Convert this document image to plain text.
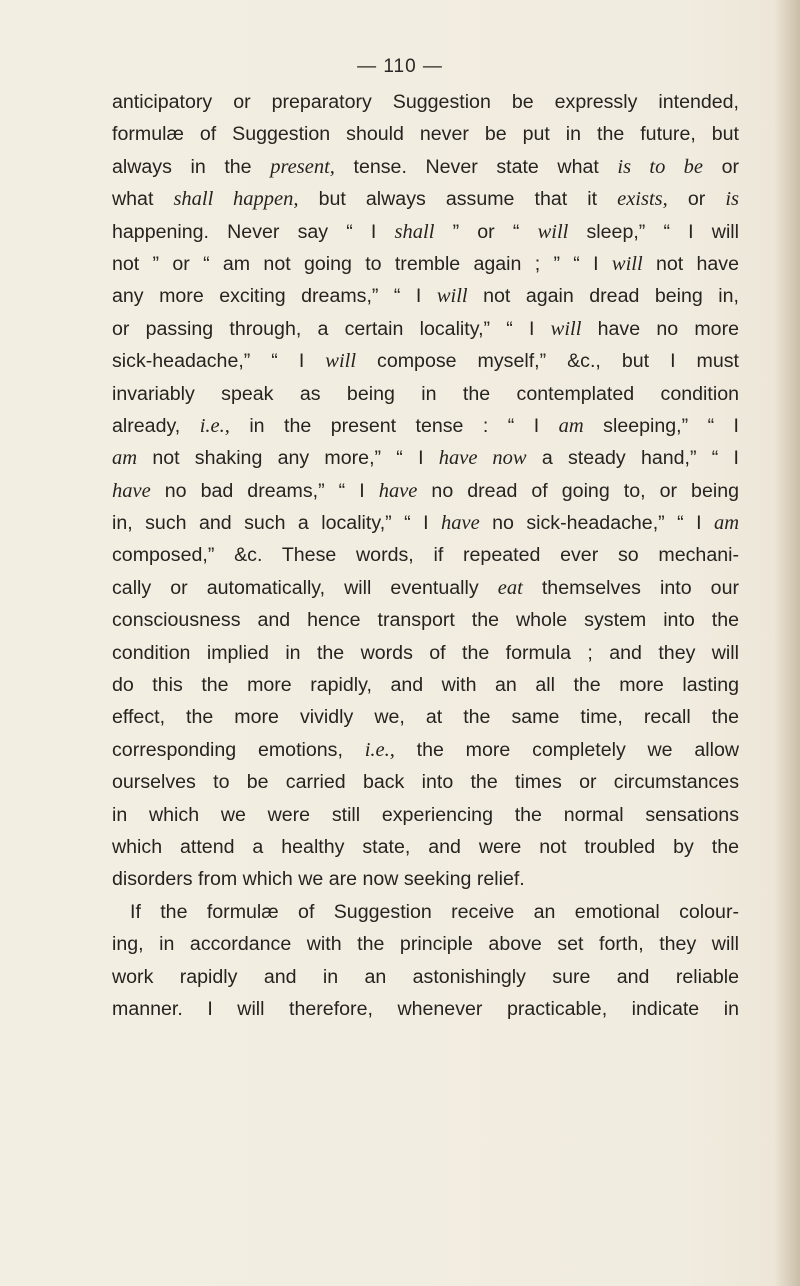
— 110 —
anticipatory or preparatory Suggestion be expressly intended,
formulæ of Suggestion should never be put in the future, but
always in the present, tense. Never state what is to be or
what shall happen, but always assume that it exists, or is
happening. Never say “ I shall ” or “ will sleep,” “ I will
not ” or “ am not going to tremble again ; ” “ I will not have
any more exciting dreams,” “ I will not again dread being in,
or passing through, a certain locality,” “ I will have no more
sick-headache,” “ I will compose myself,” &c., but I must
invariably speak as being in the contemplated condition
already, i.e., in the present tense : “ I am sleeping,” “ I
am not shaking any more,” “ I have now a steady hand,” “ I
have no bad dreams,” “ I have no dread of going to, or being
in, such and such a locality,” “ I have no sick-headache,” “ I am
composed,” &c. These words, if repeated ever so mechani-
cally or automatically, will eventually eat themselves into our
consciousness and hence transport the whole system into the
condition implied in the words of the formula ; and they will
do this the more rapidly, and with an all the more lasting
effect, the more vividly we, at the same time, recall the
corresponding emotions, i.e., the more completely we allow
ourselves to be carried back into the times or circumstances
in which we were still experiencing the normal sensations
which attend a healthy state, and were not troubled by the
disorders from which we are now seeking relief.
If the formulæ of Suggestion receive an emotional colour-
ing, in accordance with the principle above set forth, they will
work rapidly and in an astonishingly sure and reliable
manner. I will therefore, whenever practicable, indicate in
